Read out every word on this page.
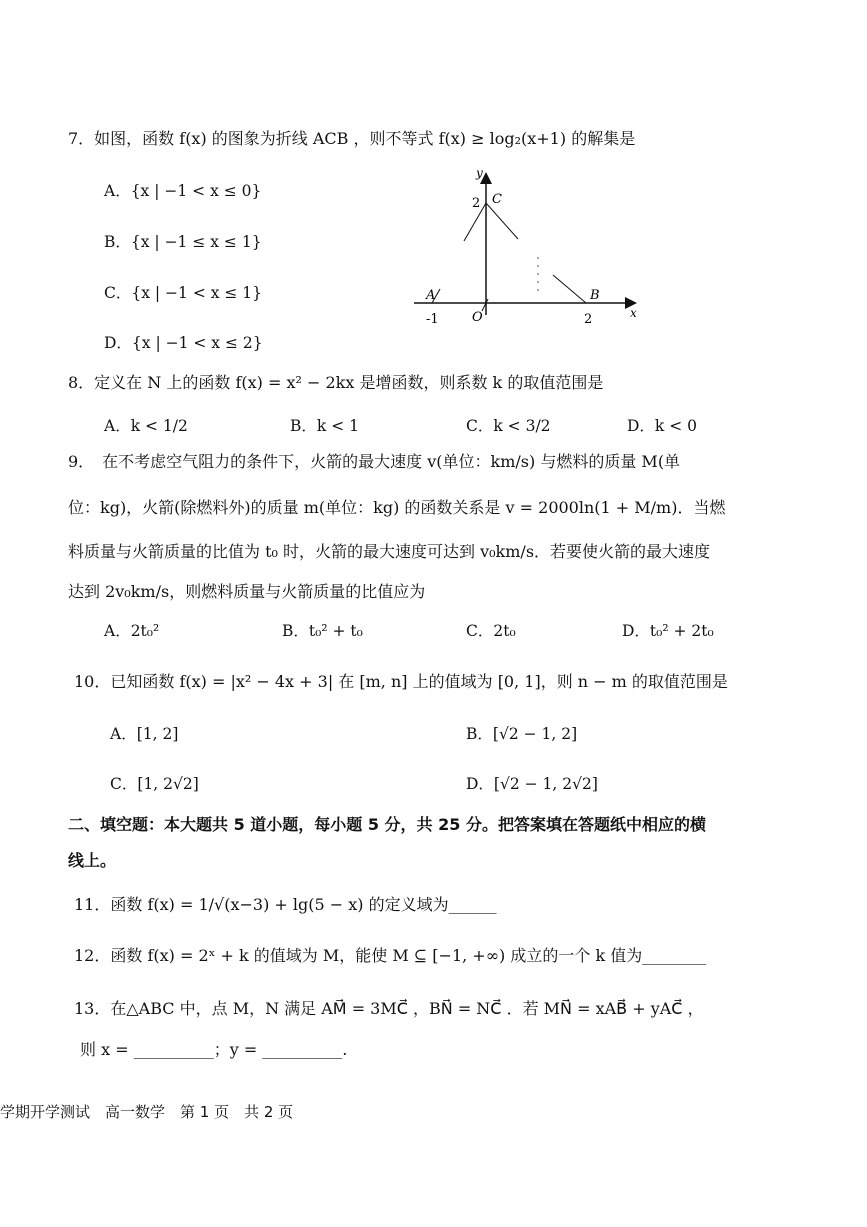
7．如图，函数 f(x) 的图象为折线 ACB ，则不等式 f(x) ≥ log₂(x+1) 的解集是
A．{x | −1 < x ≤ 0}
B．{x | −1 ≤ x ≤ 1}
C．{x | −1 < x ≤ 1}
D．{x | −1 < x ≤ 2}
y
x
C
2
A	B
O
-1	2
8．定义在 N 上的函数 f(x) = x² − 2kx 是增函数，则系数 k 的取值范围是
A．k < 1/2	B．k < 1	C．k < 3/2	D．k < 0
9．　在不考虑空气阻力的条件下，火箭的最大速度 v(单位：km/s) 与燃料的质量 M(单
位：kg)，火箭(除燃料外)的质量 m(单位：kg) 的函数关系是 v = 2000ln(1 + M/m)．当燃
料质量与火箭质量的比值为 t₀ 时，火箭的最大速度可达到 v₀km/s．若要使火箭的最大速度
达到 2v₀km/s，则燃料质量与火箭质量的比值应为
A．2t₀²	B．t₀² + t₀	C．2t₀	D．t₀² + 2t₀
10．已知函数 f(x) = |x² − 4x + 3| 在 [m, n] 上的值域为 [0, 1]，则 n − m 的取值范围是
A．[1, 2]	B．[√2 − 1, 2]
C．[1, 2√2]	D．[√2 − 1, 2√2]
二、填空题：本大题共 5 道小题，每小题 5 分，共 25 分。把答案填在答题纸中相应的横
线上。
11．函数 f(x) = 1/√(x−3) + lg(5 − x) 的定义域为______
12．函数 f(x) = 2ˣ + k 的值域为 M，能使 M ⊆ [−1, +∞) 成立的一个 k 值为________
13．在△ABC 中，点 M，N 满足 AM⃗ = 3MC⃗ ，BN⃗ = NC⃗ ．若 MN⃗ = xAB⃗ + yAC⃗ ，
则 x = __________；y = __________.
学期开学测试　高一数学　第 1 页　共 2 页
